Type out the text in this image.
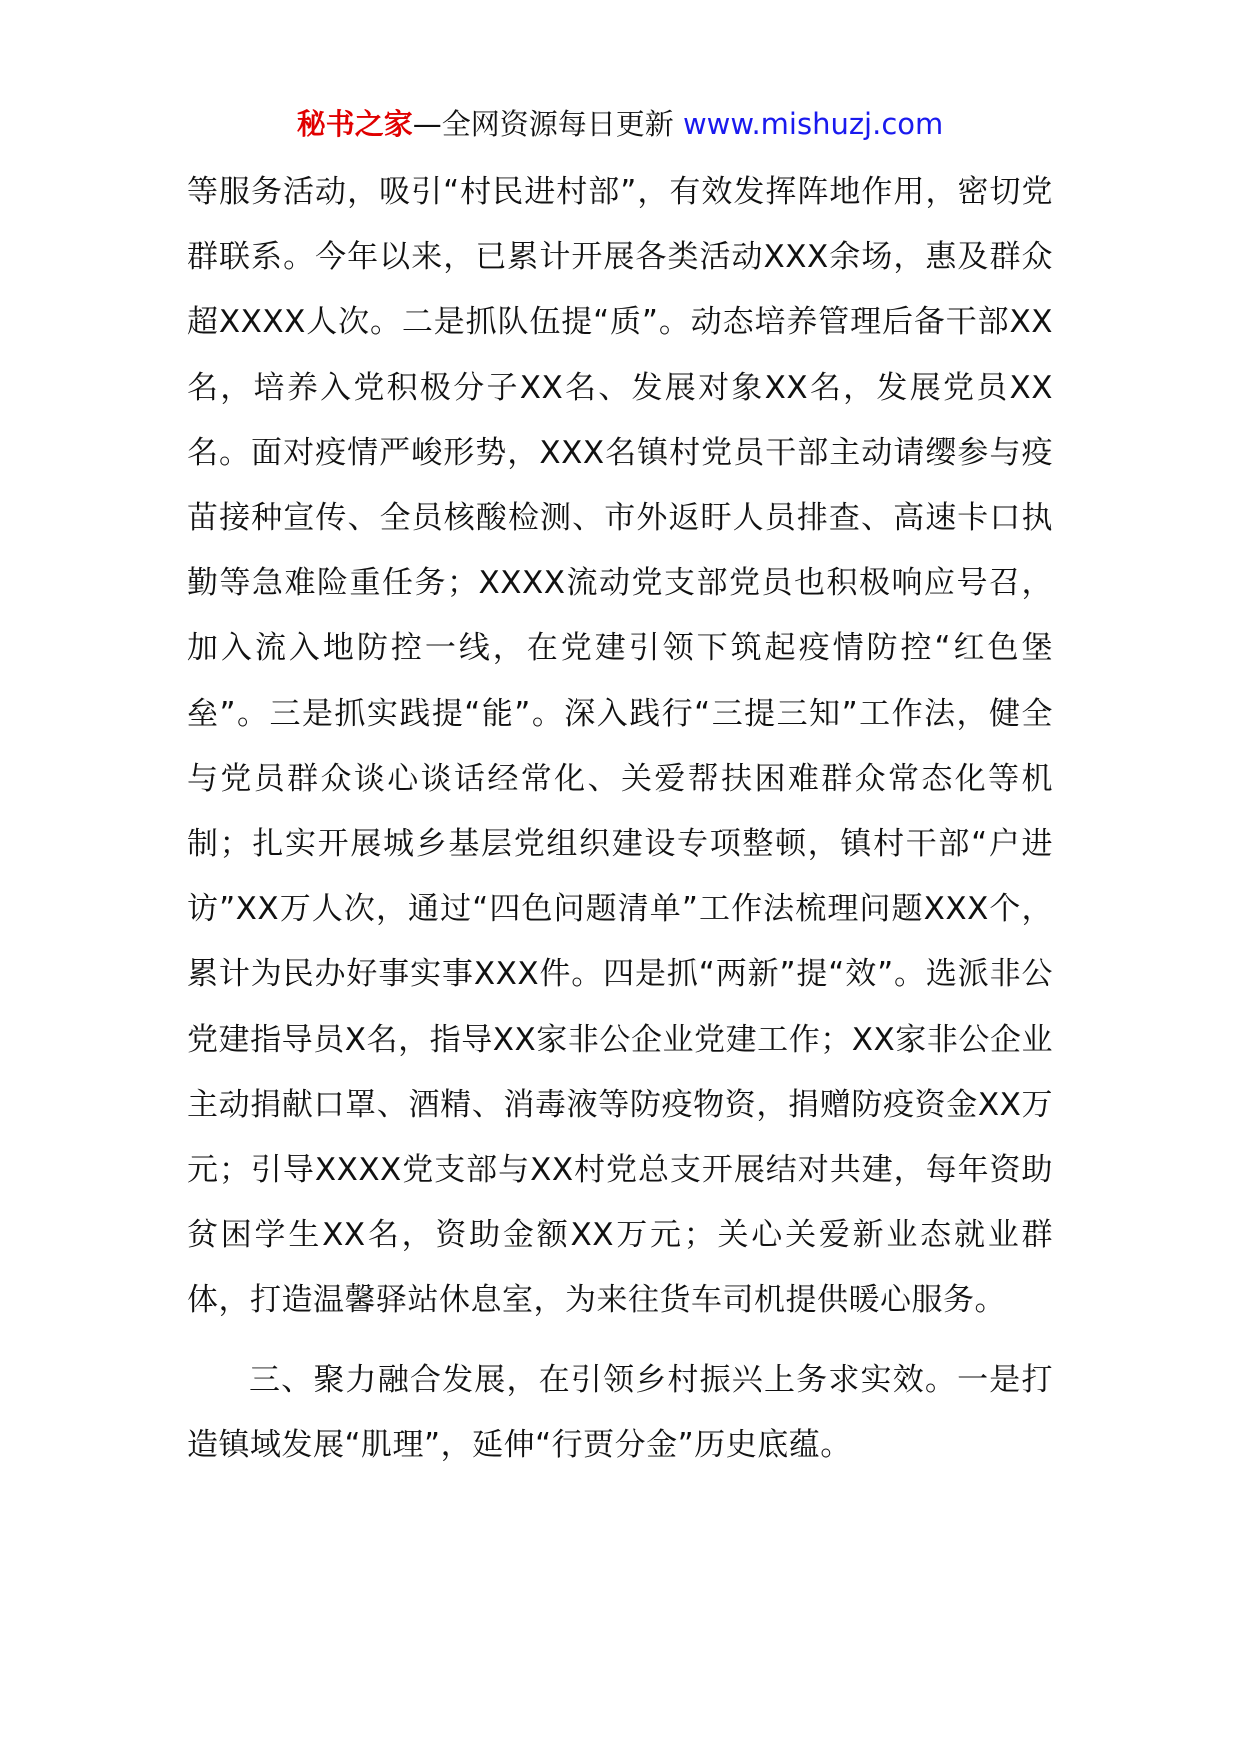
秘书之家—全网资源每日更新 www.mishuzj.com

等服务活动，吸引“村民进村部”，有效发挥阵地作用，密切党群联系。今年以来，已累计开展各类活动XXX余场，惠及群众超XXXX人次。二是抓队伍提“质”。动态培养管理后备干部XX名，培养入党积极分子XX名、发展对象XX名，发展党员XX名。面对疫情严峻形势，XXX名镇村党员干部主动请缨参与疫苗接种宣传、全员核酸检测、市外返盱人员排查、高速卡口执勤等急难险重任务；XXXX流动党支部党员也积极响应号召，加入流入地防控一线，在党建引领下筑起疫情防控“红色堡垒”。三是抓实践提“能”。深入践行“三提三知”工作法，健全与党员群众谈心谈话经常化、关爱帮扶困难群众常态化等机制；扎实开展城乡基层党组织建设专项整顿，镇村干部“户进访”XX万人次，通过“四色问题清单”工作法梳理问题XXX个，累计为民办好事实事XXX件。四是抓“两新”提“效”。选派非公党建指导员X名，指导XX家非公企业党建工作；XX家非公企业主动捐献口罩、酒精、消毒液等防疫物资，捐赠防疫资金XX万元；引导XXXX党支部与XX村党总支开展结对共建，每年资助贫困学生XX名，资助金额XX万元；关心关爱新业态就业群体，打造温馨驿站休息室，为来往货车司机提供暖心服务。

三、聚力融合发展，在引领乡村振兴上务求实效。一是打造镇域发展“肌理”，延伸“行贾分金”历史底蕴。
